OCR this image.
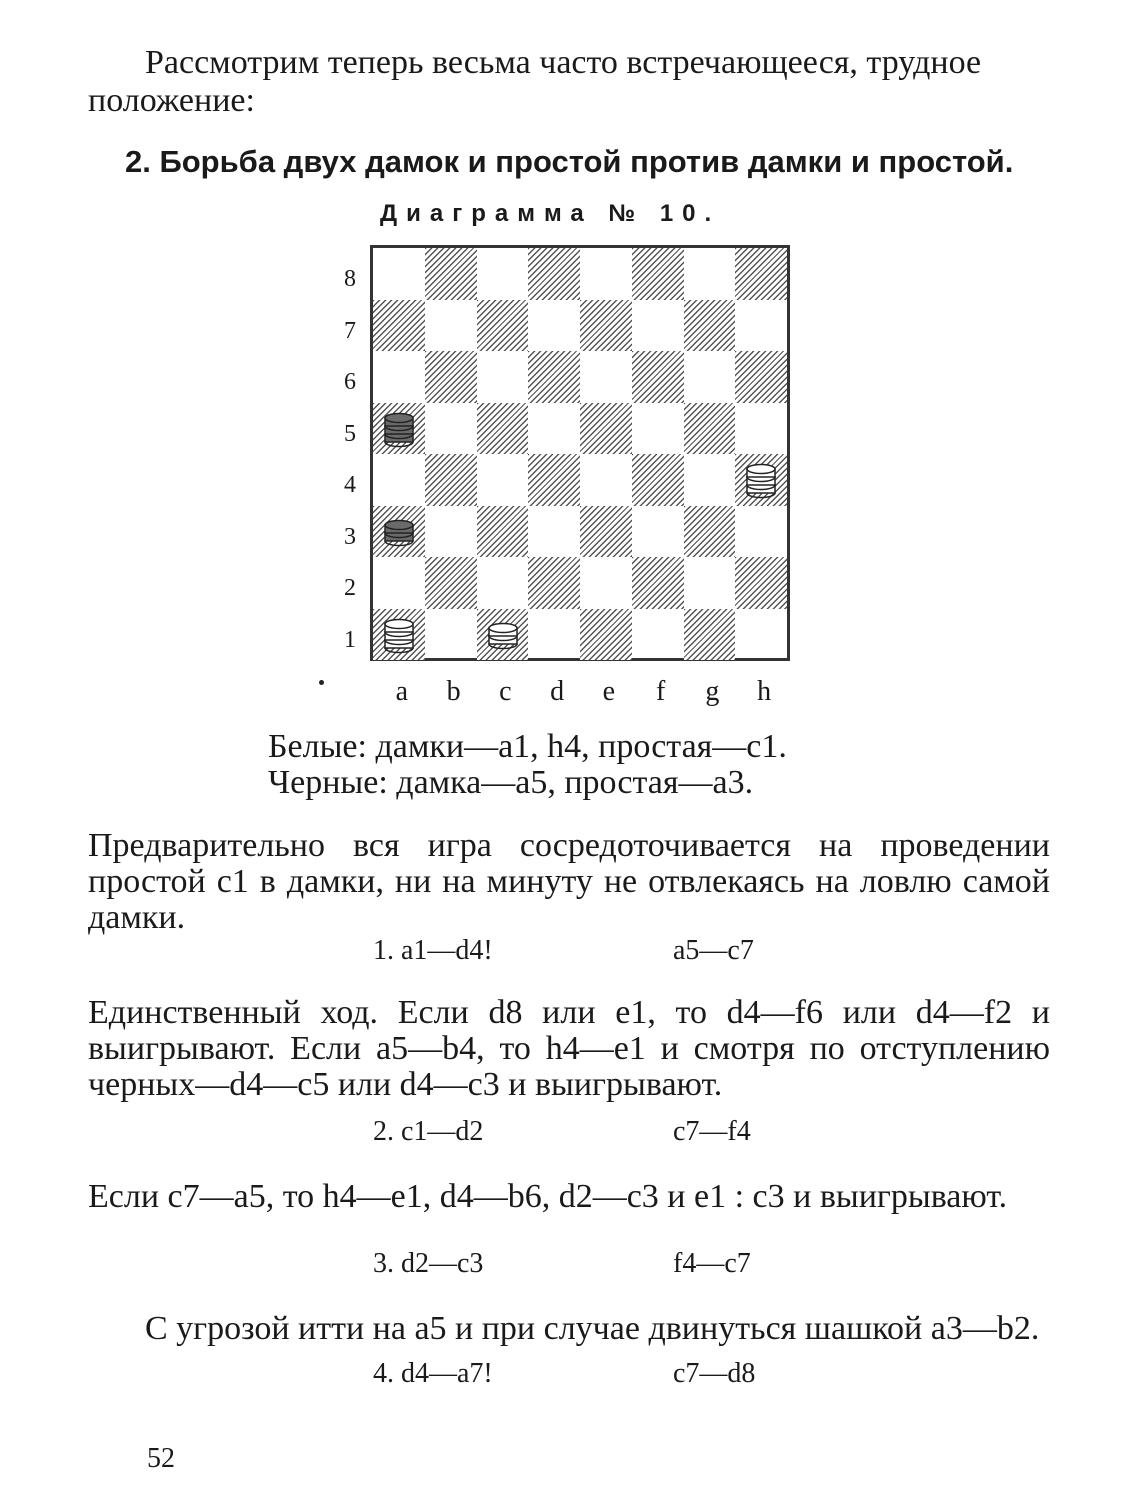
Рассмотрим теперь весьма часто встречающееся, трудное
положение:
2. Борьба двух дамок и простой против дамки и простой.
Диаграмма № 10.
8
7
6
5
4
3
2
1
a	b	c	d	e	f	g h
Белые: дамки—a1, h4, простая—c1.
Черные: дамка—a5, простая—a3.
Предварительно вся игра сосредоточивается на проведении простой c1 в дамки, ни на минуту не отвлекаясь на ловлю самой дамки.
1. a1—d4!	a5—c7
Единственный ход. Если d8 или e1, то d4—f6 или d4—f2 и выигрывают. Если a5—b4, то h4—e1 и смотря по отступлению черных—d4—c5 или d4—c3 и выигрывают.
2. c1—d2	c7—f4
Если c7—a5, то h4—e1, d4—b6, d2—c3 и e1 : c3 и выигрывают.
3. d2—c3	f4—c7
С угрозой итти на a5 и при случае двинуться шашкой a3—b2.
4. d4—a7!	c7—d8
52
